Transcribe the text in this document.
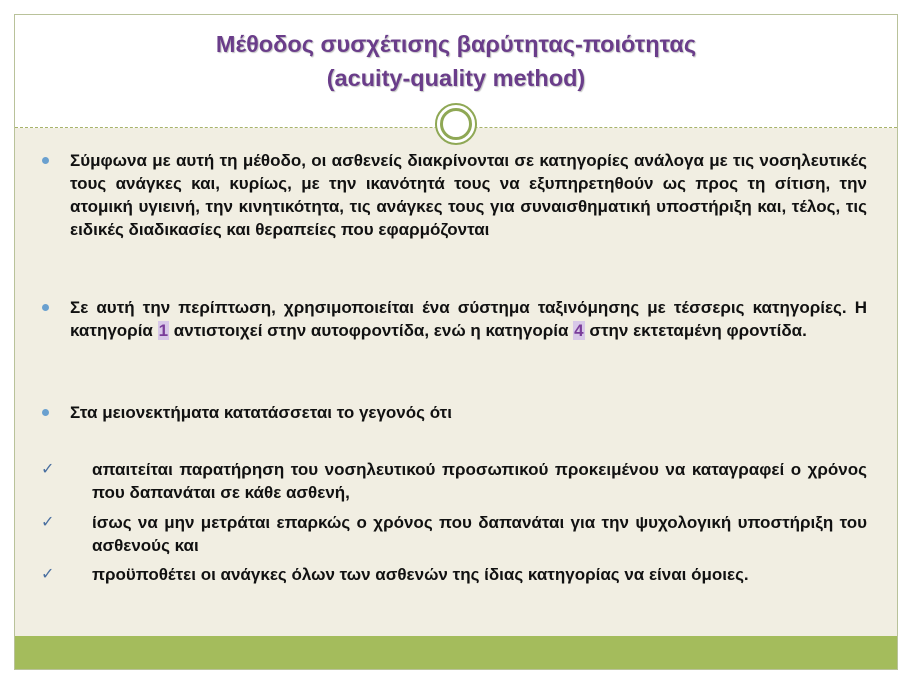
Μέθοδος συσχέτισης βαρύτητας-ποιότητας
(acuity-quality method)
Σύμφωνα με αυτή τη μέθοδο, οι ασθενείς διακρίνονται σε κατηγορίες ανάλογα με τις νοσηλευτικές τους ανάγκες και, κυρίως, με την ικανότητά τους να εξυπηρετηθούν ως προς τη σίτιση, την ατομική υγιεινή, την κινητικότητα, τις ανάγκες τους για συναισθηματική υποστήριξη και, τέλος, τις ειδικές διαδικασίες και θεραπείες που εφαρμόζονται
Σε αυτή την περίπτωση, χρησιμοποιείται ένα σύστημα ταξινόμησης με τέσσερις κατηγορίες. Η κατηγορία 1 αντιστοιχεί στην αυτοφροντίδα, ενώ η κατηγορία 4 στην εκτεταμένη φροντίδα.
Στα μειονεκτήματα κατατάσσεται το γεγονός ότι
✓ απαιτείται παρατήρηση του νοσηλευτικού προσωπικού προκειμένου να καταγραφεί ο χρόνος που δαπανάται σε κάθε ασθενή,
✓ ίσως να μην μετράται επαρκώς ο χρόνος που δαπανάται για την ψυχολογική υποστήριξη του ασθενούς και
✓ προϋποθέτει οι ανάγκες όλων των ασθενών της ίδιας κατηγορίας να είναι όμοιες.
